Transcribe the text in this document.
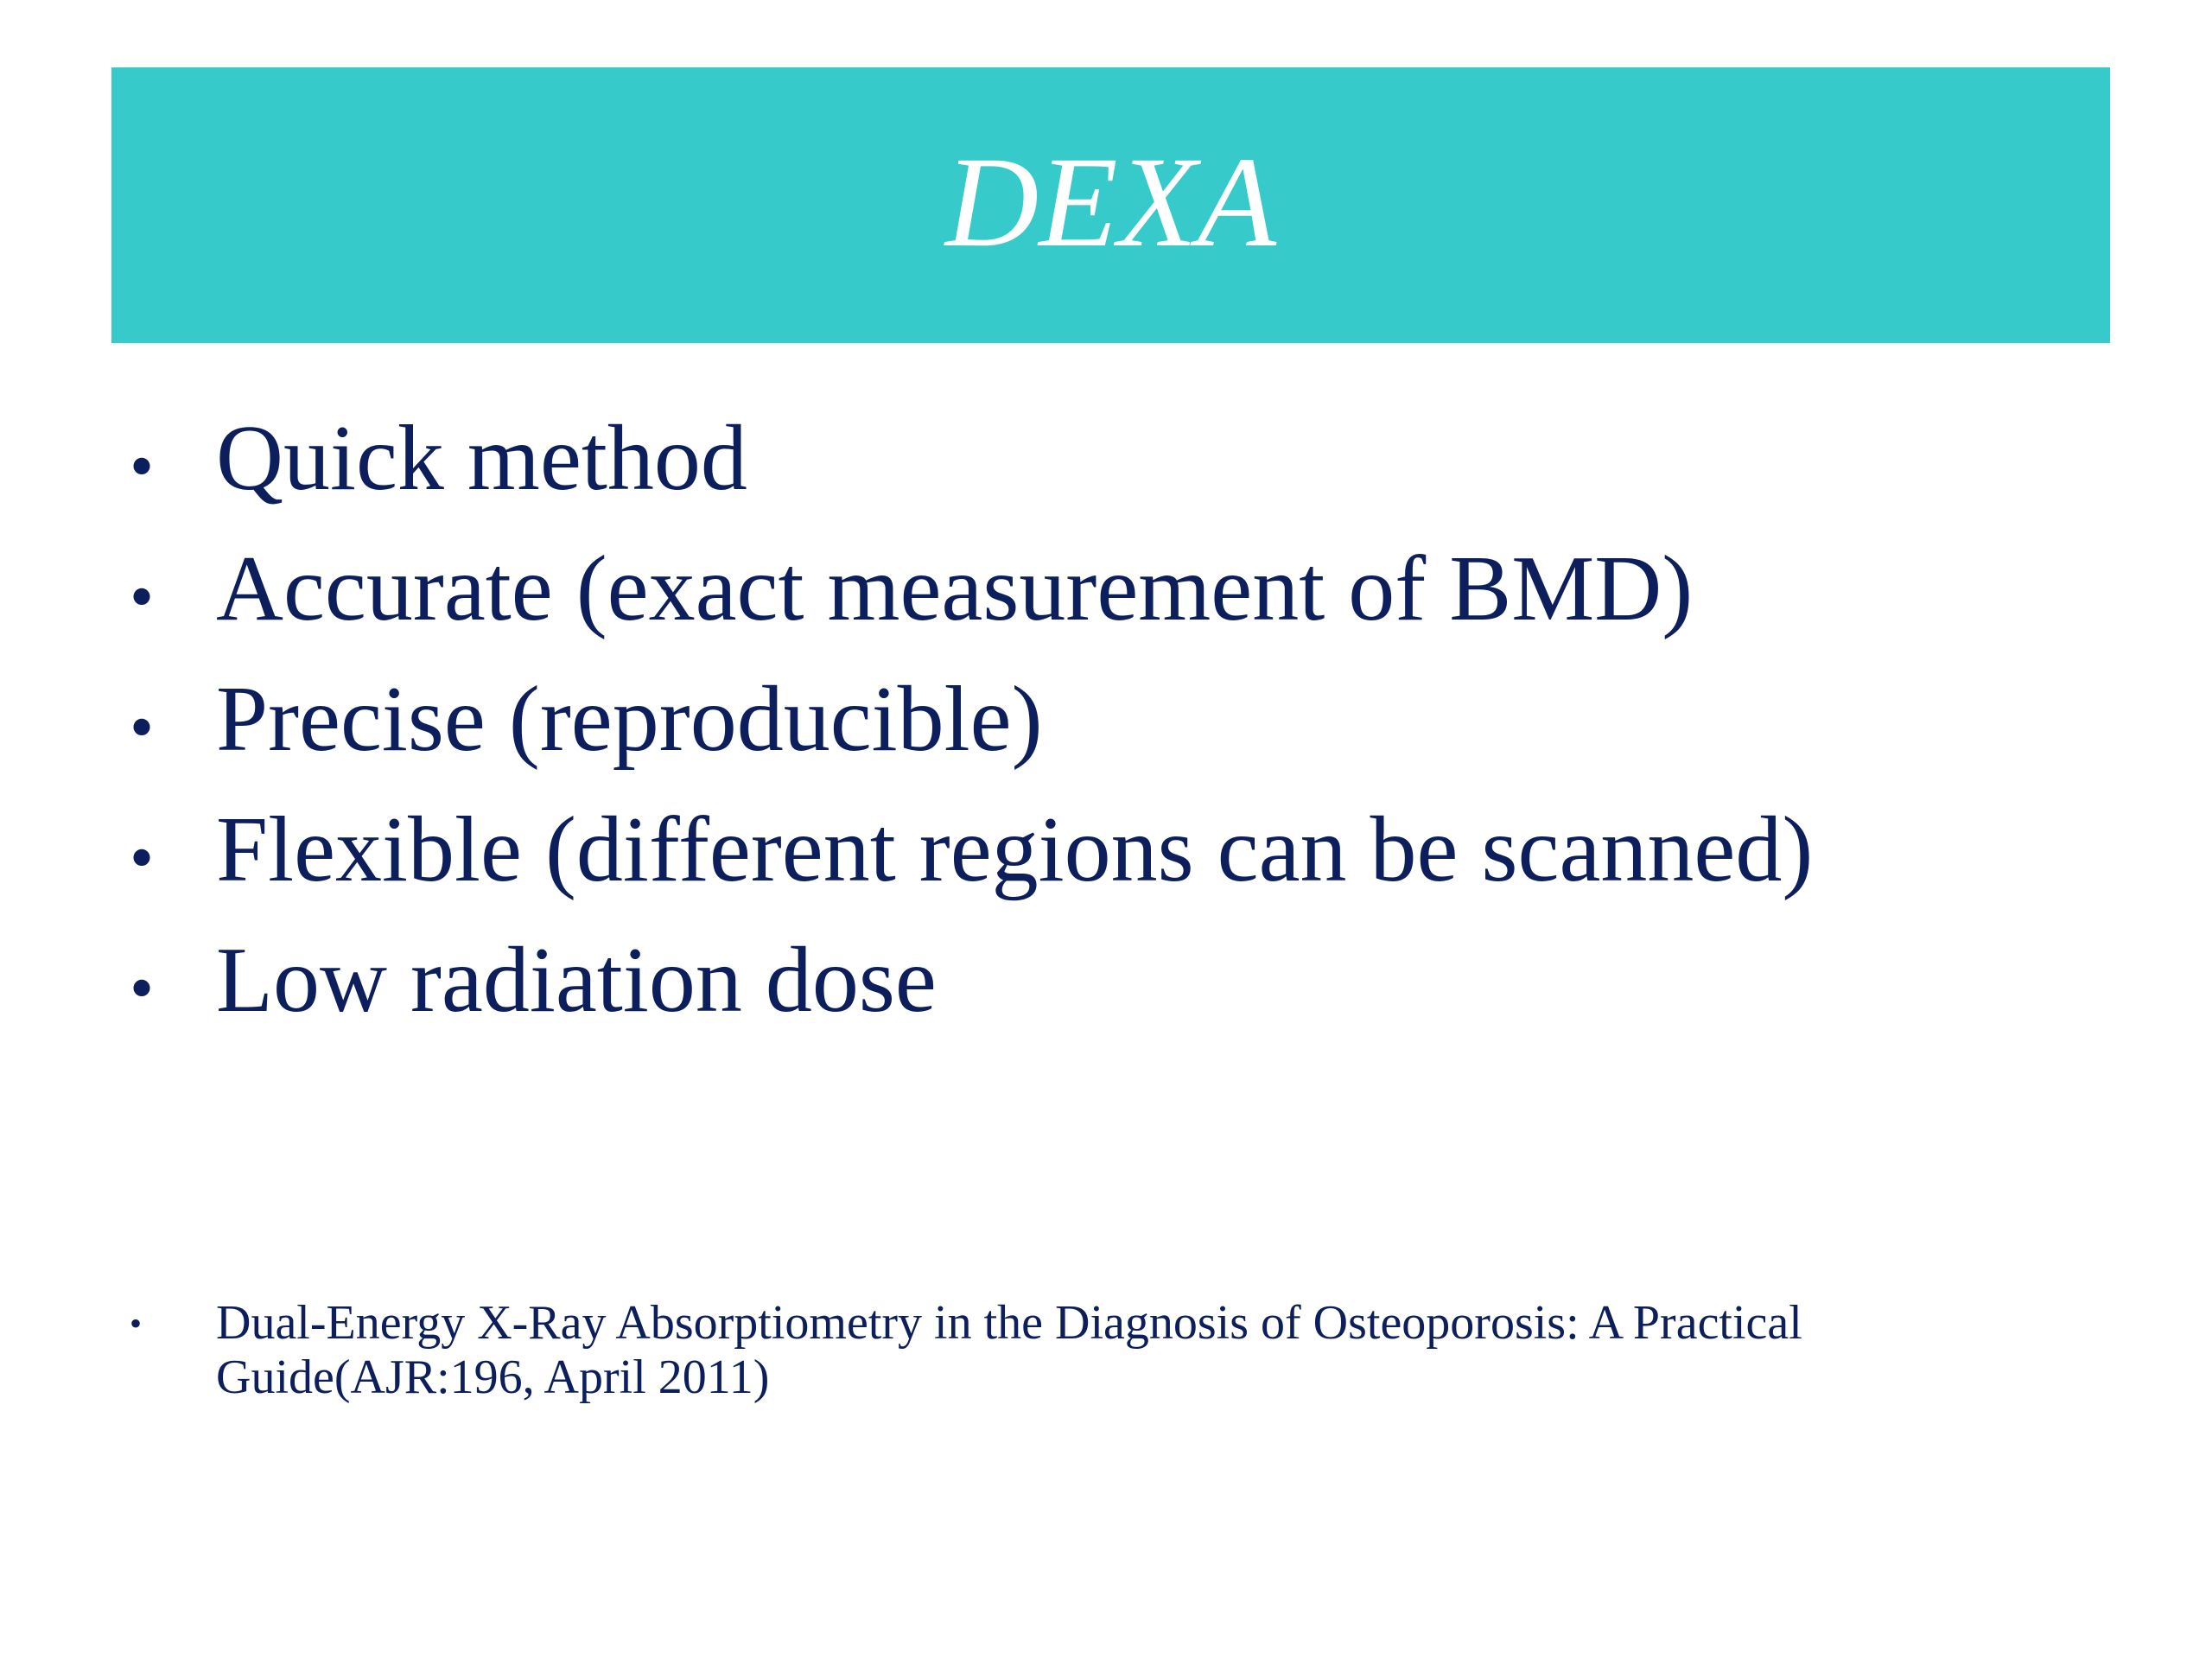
DEXA
• Quick method
• Accurate (exact measurement of BMD)
• Precise (reproducible)
• Flexible (different regions can be scanned)
• Low radiation dose
•	Dual-Energy X-Ray Absorptiometry in the Diagnosis of Osteoporosis: A Practical Guide(AJR:196, April 2011)
